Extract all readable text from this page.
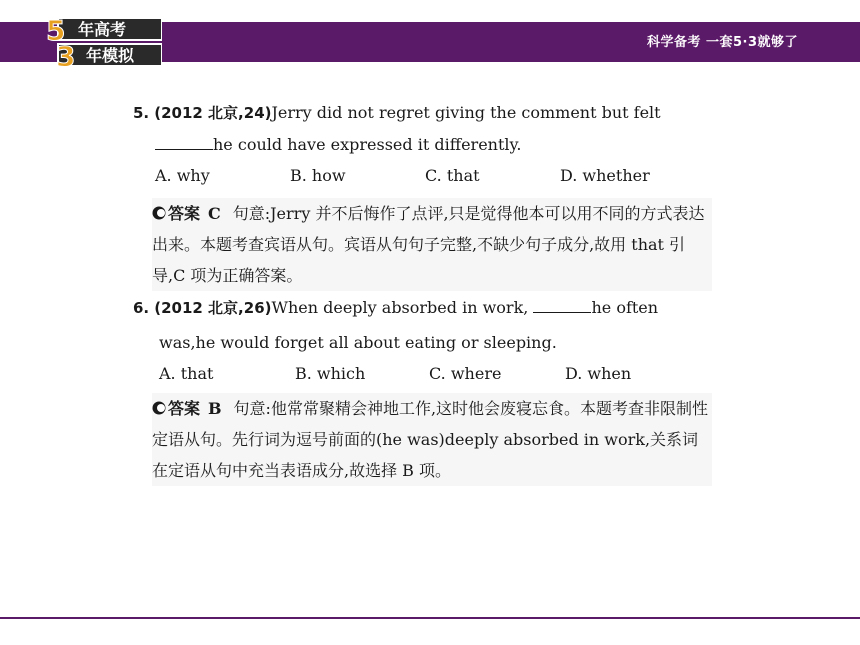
5 年高考
3 年模拟
科学备考 一套5·3就够了
5. (2012 北京,24)Jerry did not regret giving the comment but felt
he could have expressed it differently.
A. why	B. how	C. that	D. whether
答案 C 句意:Jerry 并不后悔作了点评,只是觉得他本可以用不同的方式表达出来。本题考查宾语从句。宾语从句句子完整,不缺少句子成分,故用 that 引导,C 项为正确答案。
6. (2012 北京,26)When deeply absorbed in work,	he often
was,he would forget all about eating or sleeping.
A. that	B. which	C. where	D. when
答案 B 句意:他常常聚精会神地工作,这时他会废寝忘食。本题考查非限制性定语从句。先行词为逗号前面的(he was)deeply absorbed in work,关系词在定语从句中充当表语成分,故选择 B 项。
